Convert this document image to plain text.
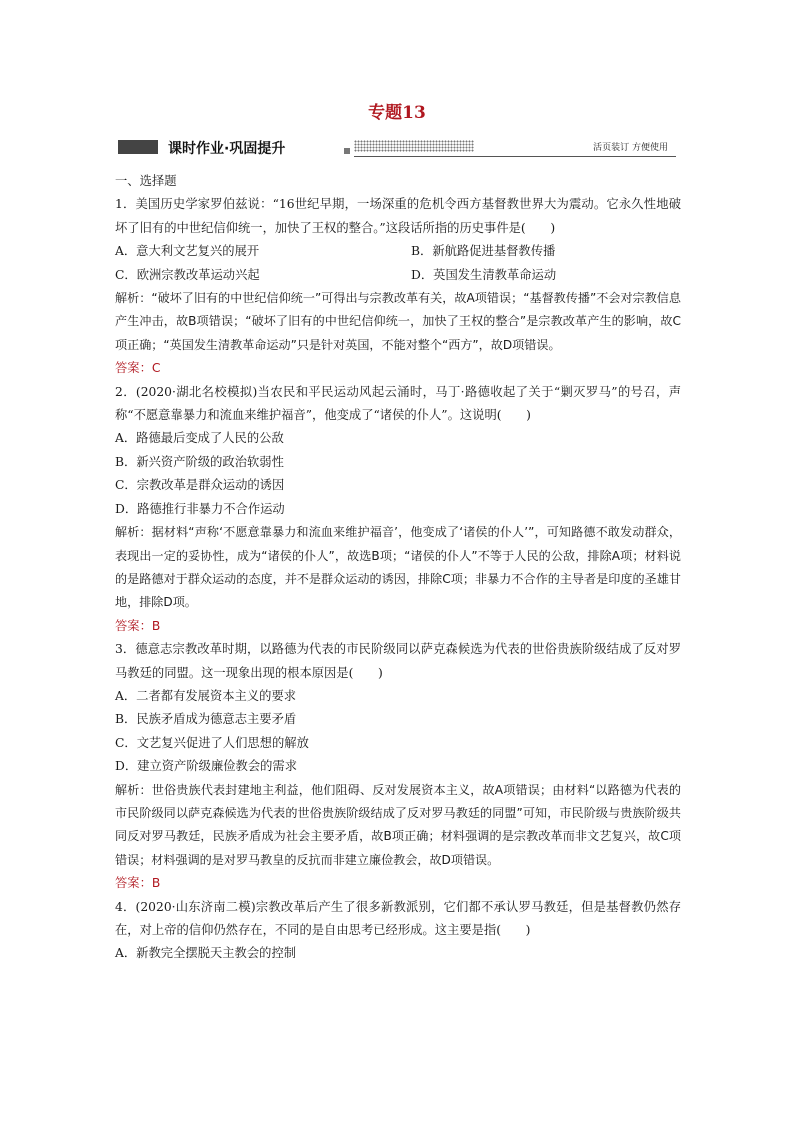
专题13
课时作业·巩固提升	活页装订 方便使用

一、选择题

1．美国历史学家罗伯兹说：“16世纪早期，一场深重的危机令西方基督教世界大为震动。它永久性地破坏了旧有的中世纪信仰统一，加快了王权的整合。”这段话所指的历史事件是(　　)

A．意大利文艺复兴的展开	B．新航路促进基督教传播
C．欧洲宗教改革运动兴起	D．英国发生清教革命运动

解析：“破坏了旧有的中世纪信仰统一”可得出与宗教改革有关，故A项错误；“基督教传播”不会对宗教信息产生冲击，故B项错误；“破坏了旧有的中世纪信仰统一，加快了王权的整合”是宗教改革产生的影响，故C项正确；“英国发生清教革命运动”只是针对英国，不能对整个“西方”，故D项错误。

答案：C

2．(2020·湖北名校模拟)当农民和平民运动风起云涌时，马丁·路德收起了关于“剿灭罗马”的号召，声称“不愿意靠暴力和流血来维护福音”，他变成了“诸侯的仆人”。这说明(　　)

A．路德最后变成了人民的公敌

B．新兴资产阶级的政治软弱性

C．宗教改革是群众运动的诱因

D．路德推行非暴力不合作运动

解析：据材料“声称‘不愿意靠暴力和流血来维护福音’，他变成了‘诸侯的仆人’”，可知路德不敢发动群众，表现出一定的妥协性，成为“诸侯的仆人”，故选B项；“诸侯的仆人”不等于人民的公敌，排除A项；材料说的是路德对于群众运动的态度，并不是群众运动的诱因，排除C项；非暴力不合作的主导者是印度的圣雄甘地，排除D项。

答案：B

3．德意志宗教改革时期，以路德为代表的市民阶级同以萨克森候选为代表的世俗贵族阶级结成了反对罗马教廷的同盟。这一现象出现的根本原因是(　　)

A．二者都有发展资本主义的要求

B．民族矛盾成为德意志主要矛盾

C．文艺复兴促进了人们思想的解放

D．建立资产阶级廉俭教会的需求

解析：世俗贵族代表封建地主利益，他们阻碍、反对发展资本主义，故A项错误；由材料“以路德为代表的市民阶级同以萨克森候选为代表的世俗贵族阶级结成了反对罗马教廷的同盟”可知，市民阶级与贵族阶级共同反对罗马教廷，民族矛盾成为社会主要矛盾，故B项正确；材料强调的是宗教改革而非文艺复兴，故C项错误；材料强调的是对罗马教皇的反抗而非建立廉俭教会，故D项错误。

答案：B

4．(2020·山东济南二模)宗教改革后产生了很多新教派别，它们都不承认罗马教廷，但是基督教仍然存在，对上帝的信仰仍然存在，不同的是自由思考已经形成。这主要是指(　　)

A．新教完全摆脱天主教会的控制
